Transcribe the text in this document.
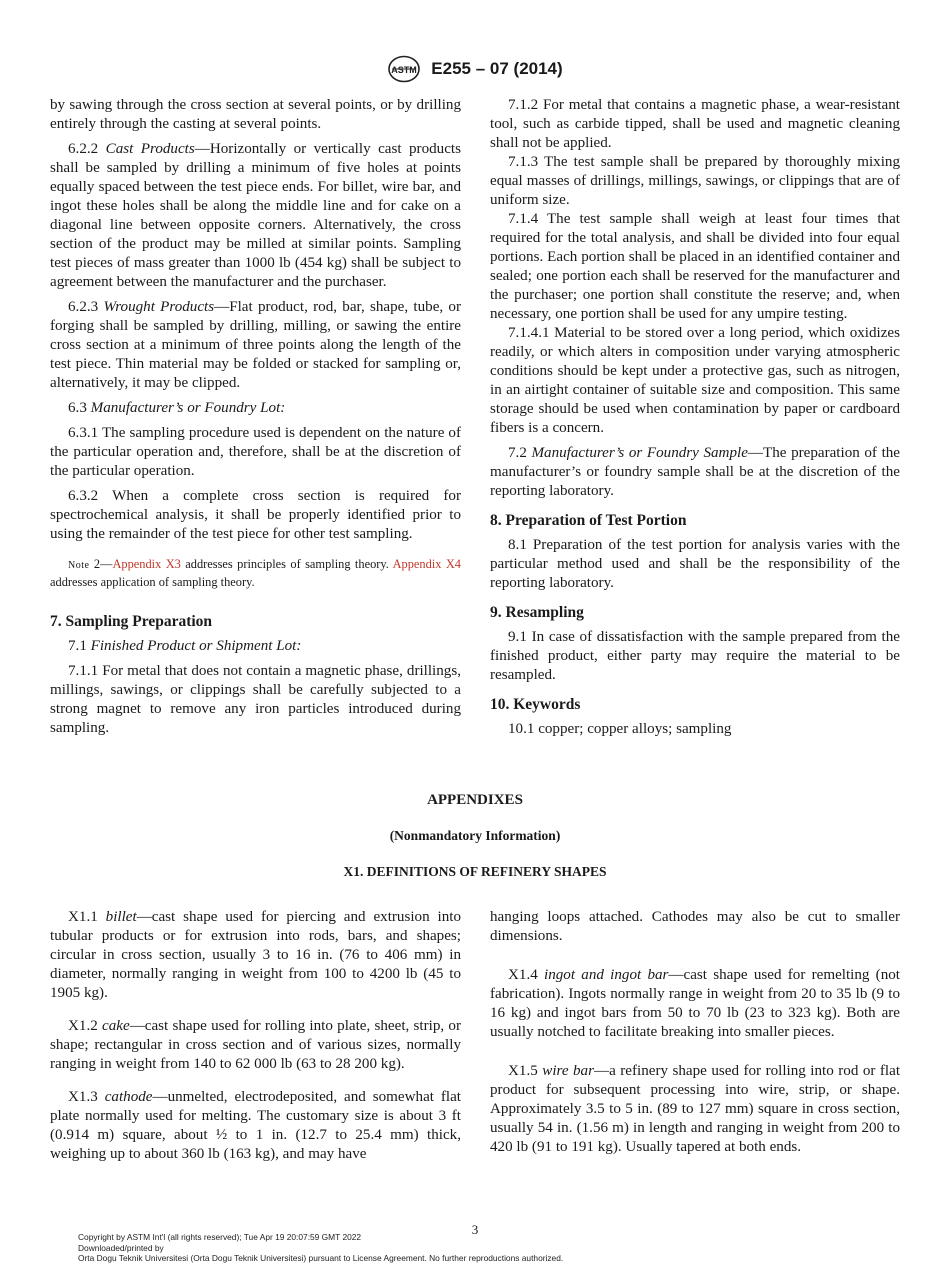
ASTM E255 – 07 (2014)

by sawing through the cross section at several points, or by drilling entirely through the casting at several points.

6.2.2 Cast Products—Horizontally or vertically cast products shall be sampled by drilling a minimum of five holes at points equally spaced between the test piece ends. For billet, wire bar, and ingot these holes shall be along the middle line and for cake on a diagonal line between opposite corners. Alternatively, the cross section of the product may be milled at similar points. Sampling test pieces of mass greater than 1000 lb (454 kg) shall be subject to agreement between the manufacturer and the purchaser.

6.2.3 Wrought Products—Flat product, rod, bar, shape, tube, or forging shall be sampled by drilling, milling, or sawing the entire cross section at a minimum of three points along the length of the test piece. Thin material may be folded or stacked for sampling or, alternatively, it may be clipped.

6.3 Manufacturer’s or Foundry Lot:

6.3.1 The sampling procedure used is dependent on the nature of the particular operation and, therefore, shall be at the discretion of the particular operation.

6.3.2 When a complete cross section is required for spectrochemical analysis, it shall be properly identified prior to using the remainder of the test piece for other test sampling.

Note 2—Appendix X3 addresses principles of sampling theory. Appendix X4 addresses application of sampling theory.

7. Sampling Preparation

7.1 Finished Product or Shipment Lot:

7.1.1 For metal that does not contain a magnetic phase, drillings, millings, sawings, or clippings shall be carefully subjected to a strong magnet to remove any iron particles introduced during sampling.

7.1.2 For metal that contains a magnetic phase, a wear-resistant tool, such as carbide tipped, shall be used and magnetic cleaning shall not be applied.

7.1.3 The test sample shall be prepared by thoroughly mixing equal masses of drillings, millings, sawings, or clippings that are of uniform size.

7.1.4 The test sample shall weigh at least four times that required for the total analysis, and shall be divided into four equal portions. Each portion shall be placed in an identified container and sealed; one portion each shall be reserved for the manufacturer and the purchaser; one portion shall constitute the reserve; and, when necessary, one portion shall be used for any umpire testing.

7.1.4.1 Material to be stored over a long period, which oxidizes readily, or which alters in composition under varying atmospheric conditions should be kept under a protective gas, such as nitrogen, in an airtight container of suitable size and composition. This same storage should be used when contamination by paper or cardboard fibers is a concern.

7.2 Manufacturer’s or Foundry Sample—The preparation of the manufacturer’s or foundry sample shall be at the discretion of the reporting laboratory.

8. Preparation of Test Portion

8.1 Preparation of the test portion for analysis varies with the particular method used and shall be the responsibility of the reporting laboratory.

9. Resampling

9.1 In case of dissatisfaction with the sample prepared from the finished product, either party may require the material to be resampled.

10. Keywords

10.1 copper; copper alloys; sampling

APPENDIXES
(Nonmandatory Information)
X1. DEFINITIONS OF REFINERY SHAPES

X1.1 billet—cast shape used for piercing and extrusion into tubular products or for extrusion into rods, bars, and shapes; circular in cross section, usually 3 to 16 in. (76 to 406 mm) in diameter, normally ranging in weight from 100 to 4200 lb (45 to 1905 kg).

X1.2 cake—cast shape used for rolling into plate, sheet, strip, or shape; rectangular in cross section and of various sizes, normally ranging in weight from 140 to 62 000 lb (63 to 28 200 kg).

X1.3 cathode—unmelted, electrodeposited, and somewhat flat plate normally used for melting. The customary size is about 3 ft (0.914 m) square, about ½ to 1 in. (12.7 to 25.4 mm) thick, weighing up to about 360 lb (163 kg), and may have

hanging loops attached. Cathodes may also be cut to smaller dimensions.

X1.4 ingot and ingot bar—cast shape used for remelting (not fabrication). Ingots normally range in weight from 20 to 35 lb (9 to 16 kg) and ingot bars from 50 to 70 lb (23 to 323 kg). Both are usually notched to facilitate breaking into smaller pieces.

X1.5 wire bar—a refinery shape used for rolling into rod or flat product for subsequent processing into wire, strip, or shape. Approximately 3.5 to 5 in. (89 to 127 mm) square in cross section, usually 54 in. (1.56 m) in length and ranging in weight from 200 to 420 lb (91 to 191 kg). Usually tapered at both ends.

3
Copyright by ASTM Int'l (all rights reserved); Tue Apr 19 20:07:59 GMT 2022
Downloaded/printed by
Orta Dogu Teknik Universitesi (Orta Dogu Teknik Universitesi) pursuant to License Agreement. No further reproductions authorized.
